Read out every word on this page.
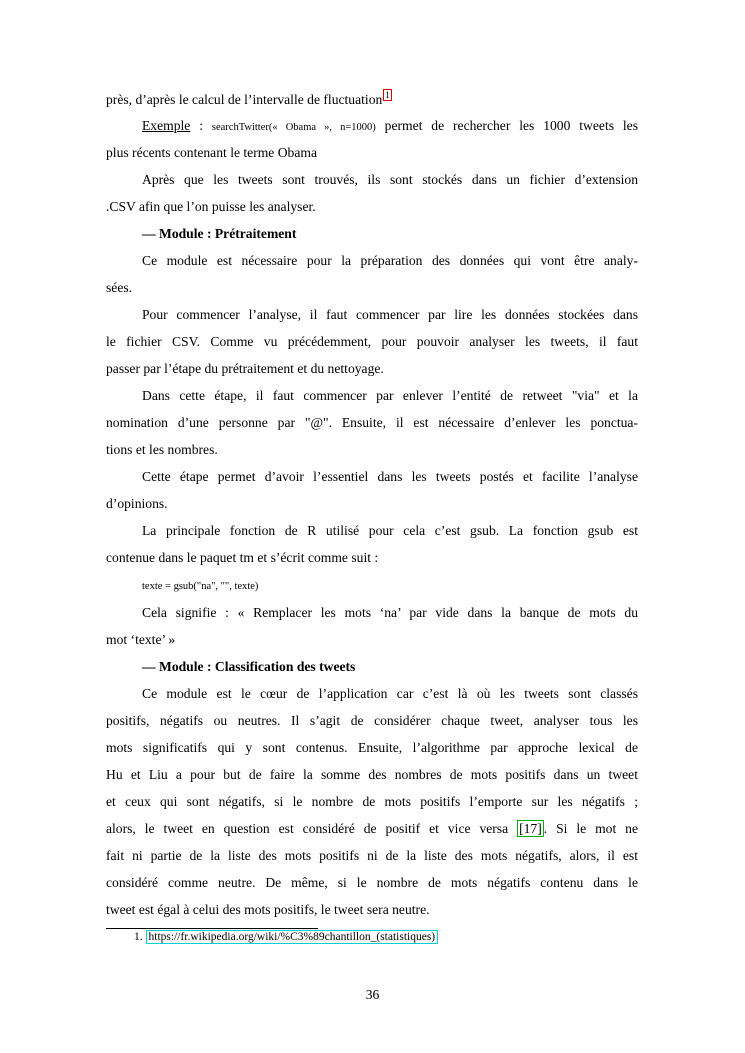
près, d’après le calcul de l’intervalle de fluctuation 1
Exemple : searchTwitter(« Obama », n=1000) permet de rechercher les 1000 tweets les
plus récents contenant le terme Obama
Après que les tweets sont trouvés, ils sont stockés dans un fichier d’extension
.CSV afin que l’on puisse les analyser.
— Module : Prétraitement
Ce module est nécessaire pour la préparation des données qui vont être analy-
sées.
Pour commencer l’analyse, il faut commencer par lire les données stockées dans
le fichier CSV. Comme vu précédemment, pour pouvoir analyser les tweets, il faut
passer par l’étape du prétraitement et du nettoyage.
Dans cette étape, il faut commencer par enlever l’entité de retweet "via" et la
nomination d’une personne par "@". Ensuite, il est nécessaire d’enlever les ponctua-
tions et les nombres.
Cette étape permet d’avoir l’essentiel dans les tweets postés et facilite l’analyse
d’opinions.
La principale fonction de R utilisé pour cela c’est gsub. La fonction gsub est
contenue dans le paquet tm et s’écrit comme suit :
texte = gsub("na", "", texte)
Cela signifie : « Remplacer les mots ‘na’ par vide dans la banque de mots du
mot ‘texte’ »
— Module : Classification des tweets
Ce module est le cœur de l’application car c’est là où les tweets sont classés
positifs, négatifs ou neutres. Il s’agit de considérer chaque tweet, analyser tous les
mots significatifs qui y sont contenus. Ensuite, l’algorithme par approche lexical de
Hu et Liu a pour but de faire la somme des nombres de mots positifs dans un tweet
et ceux qui sont négatifs, si le nombre de mots positifs l’emporte sur les négatifs ;
alors, le tweet en question est considéré de positif et vice versa [17] . Si le mot ne
fait ni partie de la liste des mots positifs ni de la liste des mots négatifs, alors, il est
considéré comme neutre. De même, si le nombre de mots négatifs contenu dans le
tweet est égal à celui des mots positifs, le tweet sera neutre.
1. https://fr.wikipedia.org/wiki/%C3%89chantillon_(statistiques)
36
